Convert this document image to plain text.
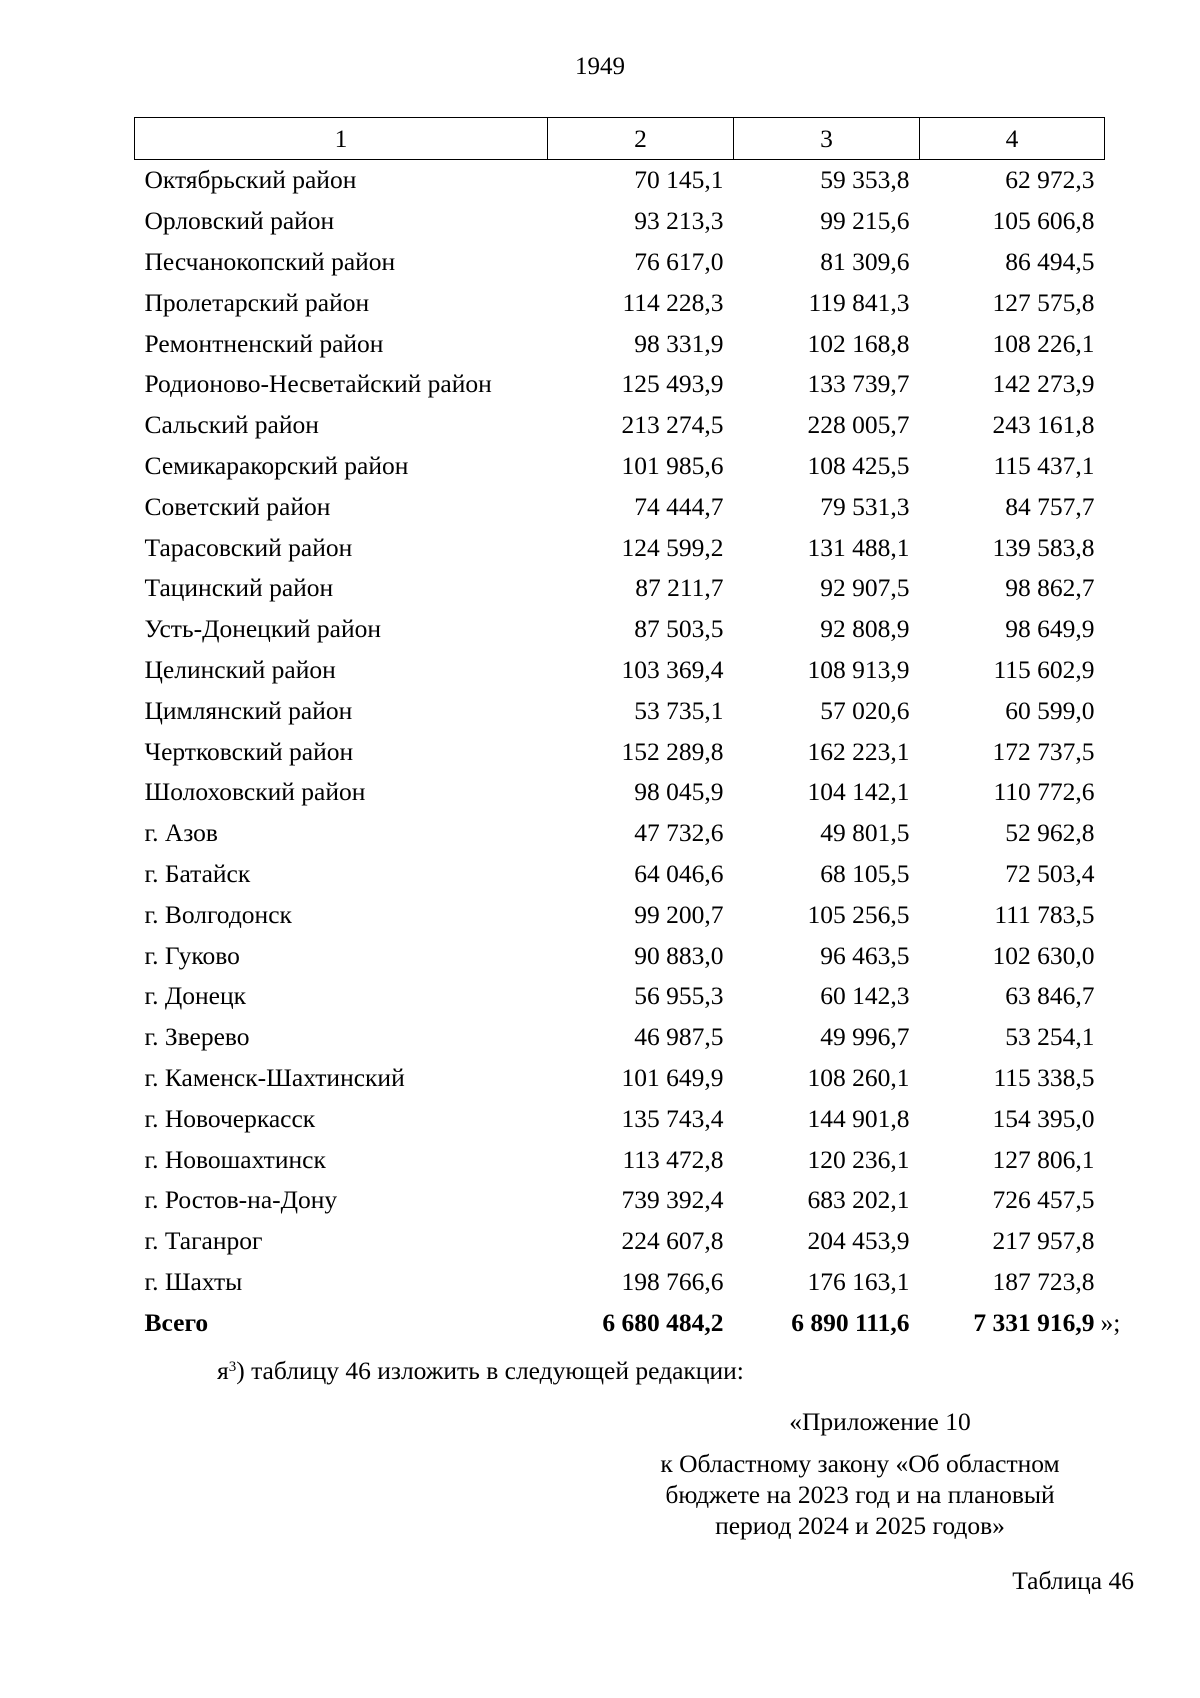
1949
1	2	3	4
Октябрьский район	70 145,1	59 353,8	62 972,3
Орловский район	93 213,3	99 215,6	105 606,8
Песчанокопский район	76 617,0	81 309,6	86 494,5
Пролетарский район	114 228,3	119 841,3	127 575,8
Ремонтненский район	98 331,9	102 168,8	108 226,1
Родионово-Несветайский район	125 493,9	133 739,7	142 273,9
Сальский район	213 274,5	228 005,7	243 161,8
Семикаракорский район	101 985,6	108 425,5	115 437,1
Советский район	74 444,7	79 531,3	84 757,7
Тарасовский район	124 599,2	131 488,1	139 583,8
Тацинский район	87 211,7	92 907,5	98 862,7
Усть-Донецкий район	87 503,5	92 808,9	98 649,9
Целинский район	103 369,4	108 913,9	115 602,9
Цимлянский район	53 735,1	57 020,6	60 599,0
Чертковский район	152 289,8	162 223,1	172 737,5
Шолоховский район	98 045,9	104 142,1	110 772,6
г. Азов	47 732,6	49 801,5	52 962,8
г. Батайск	64 046,6	68 105,5	72 503,4
г. Волгодонск	99 200,7	105 256,5	111 783,5
г. Гуково	90 883,0	96 463,5	102 630,0
г. Донецк	56 955,3	60 142,3	63 846,7
г. Зверево	46 987,5	49 996,7	53 254,1
г. Каменск-Шахтинский	101 649,9	108 260,1	115 338,5
г. Новочеркасск	135 743,4	144 901,8	154 395,0
г. Новошахтинск	113 472,8	120 236,1	127 806,1
г. Ростов-на-Дону	739 392,4	683 202,1	726 457,5
г. Таганрог	224 607,8	204 453,9	217 957,8
г. Шахты	198 766,6	176 163,1	187 723,8
Всего	6 680 484,2	6 890 111,6	7 331 916,9 »;
$я^3$) таблицу 46 изложить в следующей редакции:
«Приложение 10
к Областному закону «Об областном
бюджете на 2023 год и на плановый
период 2024 и 2025 годов»
Таблица 46
